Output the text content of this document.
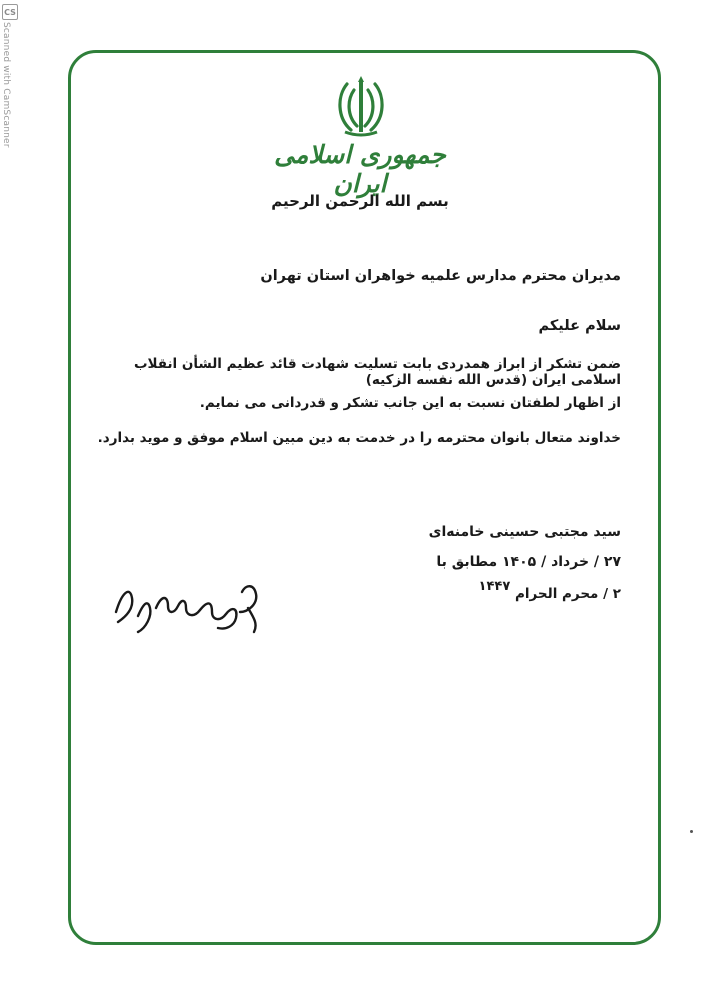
CS
Scanned with CamScanner
جمهوری اسلامی ایران
بسم الله الرحمن الرحیم
مدیران محترم مدارس علمیه خواهران استان تهران
سلام علیکم
ضمن تشکر از ابراز همدردی بابت تسلیت شهادت قائد عظیم الشأن انقلاب اسلامی ایران (قدس الله نفسه الزکیه)
از اظهار لطفتان نسبت به این جانب تشکر و قدردانی می نمایم.
خداوند متعال بانوان محترمه را در خدمت به دین مبین اسلام موفق و موید بدارد.
سید مجتبی حسینی خامنه‌ای
۲۷ / خرداد / ۱۴۰۵ مطابق با
۲ / محرم الحرام ۱۴۴۷
